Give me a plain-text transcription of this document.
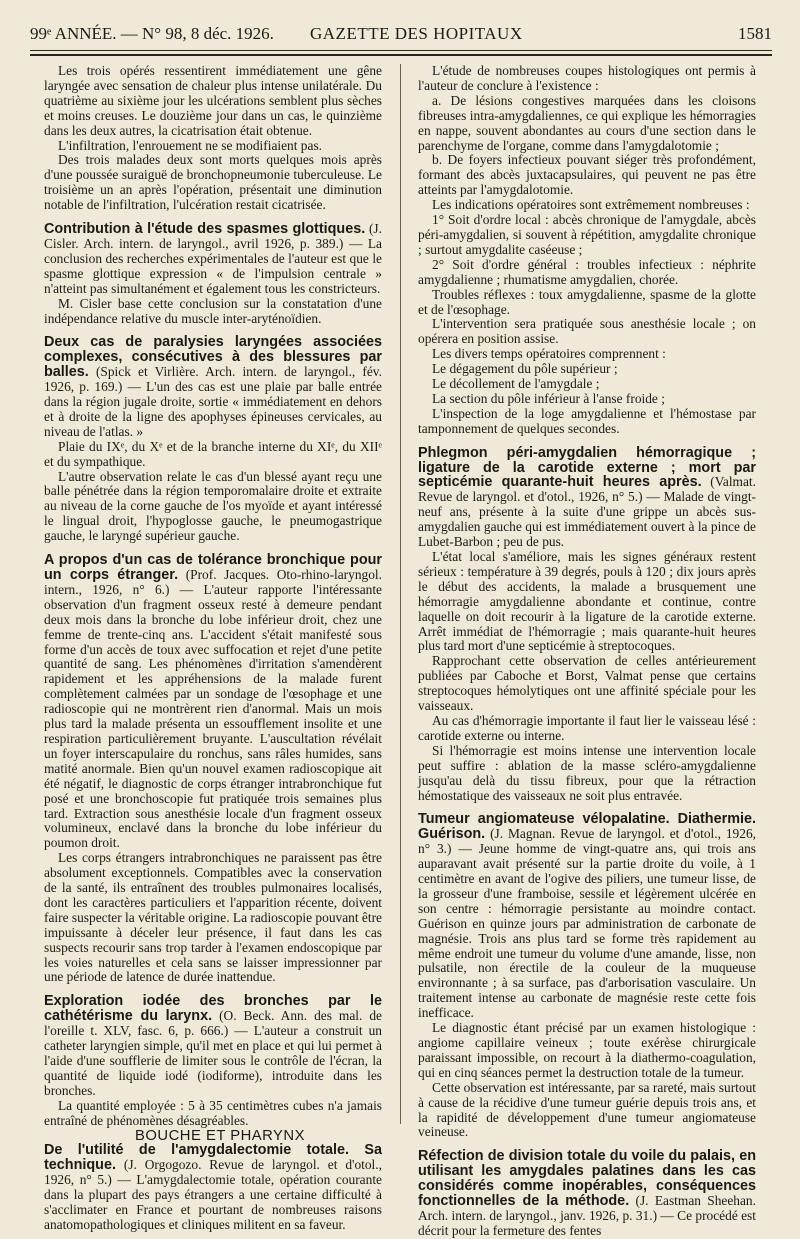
99ᵉ ANNÉE. — N° 98, 8 déc. 1926. GAZETTE DES HOPITAUX	1581

Les trois opérés ressentirent immédiatement une gêne laryngée avec sensation de chaleur plus intense unilatérale. Du quatrième au sixième jour les ulcérations semblent plus sèches et moins creuses. Le douzième jour dans un cas, le quinzième dans les deux autres, la cicatrisation était obtenue.

L'infiltration, l'enrouement ne se modifiaient pas.

Des trois malades deux sont morts quelques mois après d'une poussée suraiguë de bronchopneumonie tuberculeuse. Le troisième un an après l'opération, présentait une diminution notable de l'infiltration, l'ulcération restait cicatrisée.

Contribution à l'étude des spasmes glottiques. (J. Cisler. Arch. intern. de laryngol., avril 1926, p. 389.) — La conclusion des recherches expérimentales de l'auteur est que le spasme glottique expression « de l'impulsion centrale » n'atteint pas simultanément et également tous les constricteurs.

M. Cisler base cette conclusion sur la constatation d'une indépendance relative du muscle inter-aryténoïdien.

Deux cas de paralysies laryngées associées complexes, consécutives à des blessures par balles. (Spick et Virlière. Arch. intern. de laryngol., fév. 1926, p. 169.) — L'un des cas est une plaie par balle entrée dans la région jugale droite, sortie « immédiatement en dehors et à droite de la ligne des apophyses épineuses cervicales, au niveau de l'atlas. »

Plaie du IXᵉ, du Xᵉ et de la branche interne du XIᵉ, du XIIᵉ et du sympathique.

L'autre observation relate le cas d'un blessé ayant reçu une balle pénétrée dans la région temporomalaire droite et extraite au niveau de la corne gauche de l'os myoïde et ayant intéressé le lingual droit, l'hypoglosse gauche, le pneumogastrique gauche, le laryngé supérieur gauche.

A propos d'un cas de tolérance bronchique pour un corps étranger. (Prof. Jacques. Oto-rhino-laryngol. intern., 1926, n° 6.) — L'auteur rapporte l'intéressante observation d'un fragment osseux resté à demeure pendant deux mois dans la bronche du lobe inférieur droit, chez une femme de trente-cinq ans. L'accident s'était manifesté sous forme d'un accès de toux avec suffocation et rejet d'une petite quantité de sang. Les phénomènes d'irritation s'amendèrent rapidement et les appréhensions de la malade furent complètement calmées par un sondage de l'œsophage et une radioscopie qui ne montrèrent rien d'anormal. Mais un mois plus tard la malade présenta un essoufflement insolite et une respiration particulièrement bruyante. L'auscultation révélait un foyer interscapulaire du ronchus, sans râles humides, sans matité anormale. Bien qu'un nouvel examen radioscopique ait été négatif, le diagnostic de corps étranger intrabronchique fut posé et une bronchoscopie fut pratiquée trois semaines plus tard. Extraction sous anesthésie locale d'un fragment osseux volumineux, enclavé dans la bronche du lobe inférieur du poumon droit.

Les corps étrangers intrabronchiques ne paraissent pas être absolument exceptionnels. Compatibles avec la conservation de la santé, ils entraînent des troubles pulmonaires localisés, dont les caractères particuliers et l'apparition récente, doivent faire suspecter la véritable origine. La radioscopie pouvant être impuissante à déceler leur présence, il faut dans les cas suspects recourir sans trop tarder à l'examen endoscopique par les voies naturelles et cela sans se laisser impressionner par une période de latence de durée inattendue.

Exploration iodée des bronches par le cathétérisme du larynx. (O. Beck. Ann. des mal. de l'oreille t. XLV, fasc. 6, p. 666.) — L'auteur a construit un catheter laryngien simple, qu'il met en place et qui lui permet à l'aide d'une soufflerie de limiter sous le contrôle de l'écran, la quantité de liquide iodé (iodiforme), introduite dans les bronches.

La quantité employée : 5 à 35 centimètres cubes n'a jamais entraîné de phénomènes désagréables.

BOUCHE ET PHARYNX

De l'utilité de l'amygdalectomie totale. Sa technique. (J. Orgogozo. Revue de laryngol. et d'otol., 1926, n° 5.) — L'amygdalectomie totale, opération courante dans la plupart des pays étrangers a une certaine difficulté à s'acclimater en France et pourtant de nombreuses raisons anatomopathologiques et cliniques militent en sa faveur.

L'étude de nombreuses coupes histologiques ont permis à l'auteur de conclure à l'existence :

a. De lésions congestives marquées dans les cloisons fibreuses intra-amygdaliennes, ce qui explique les hémorragies en nappe, souvent abondantes au cours d'une section dans le parenchyme de l'organe, comme dans l'amygdalotomie ;

b. De foyers infectieux pouvant siéger très profondément, formant des abcès juxtacapsulaires, qui peuvent ne pas être atteints par l'amygdalotomie.

Les indications opératoires sont extrêmement nombreuses :

1° Soit d'ordre local : abcès chronique de l'amygdale, abcès péri-amygdalien, si souvent à répétition, amygdalite chronique ; surtout amygdalite caséeuse ;

2° Soit d'ordre général : troubles infectieux : néphrite amygdalienne ; rhumatisme amygdalien, chorée.

Troubles réflexes : toux amygdalienne, spasme de la glotte et de l'œsophage.

L'intervention sera pratiquée sous anesthésie locale ; on opérera en position assise.

Les divers temps opératoires comprennent :

Le dégagement du pôle supérieur ;

Le décollement de l'amygdale ;

La section du pôle inférieur à l'anse froide ;

L'inspection de la loge amygdalienne et l'hémostase par tamponnement de quelques secondes.

Phlegmon péri-amygdalien hémorragique ; ligature de la carotide externe ; mort par septicémie quarante-huit heures après. (Valmat. Revue de laryngol. et d'otol., 1926, n° 5.) — Malade de vingt-neuf ans, présente à la suite d'une grippe un abcès sus-amygdalien gauche qui est immédiatement ouvert à la pince de Lubet-Barbon ; peu de pus.

L'état local s'améliore, mais les signes généraux restent sérieux : température à 39 degrés, pouls à 120 ; dix jours après le début des accidents, la malade a brusquement une hémorragie amygdalienne abondante et continue, contre laquelle on doit recourir à la ligature de la carotide externe. Arrêt immédiat de l'hémorragie ; mais quarante-huit heures plus tard mort d'une septicémie à streptocoques.

Rapprochant cette observation de celles antérieurement publiées par Caboche et Borst, Valmat pense que certains streptocoques hémolytiques ont une affinité spéciale pour les vaisseaux.

Au cas d'hémorragie importante il faut lier le vaisseau lésé : carotide externe ou interne.

Si l'hémorragie est moins intense une intervention locale peut suffire : ablation de la masse scléro-amygdalienne jusqu'au delà du tissu fibreux, pour que la rétraction hémostatique des vaisseaux ne soit plus entravée.

Tumeur angiomateuse vélopalatine. Diathermie. Guérison. (J. Magnan. Revue de laryngol. et d'otol., 1926, n° 3.) — Jeune homme de vingt-quatre ans, qui trois ans auparavant avait présenté sur la partie droite du voile, à 1 centimètre en avant de l'ogive des piliers, une tumeur lisse, de la grosseur d'une framboise, sessile et légèrement ulcérée en son centre : hémorragie persistante au moindre contact. Guérison en quinze jours par administration de carbonate de magnésie. Trois ans plus tard se forme très rapidement au même endroit une tumeur du volume d'une amande, lisse, non pulsatile, non érectile de la couleur de la muqueuse environnante ; à sa surface, pas d'arborisation vasculaire. Un traitement intense au carbonate de magnésie reste cette fois inefficace.

Le diagnostic étant précisé par un examen histologique : angiome capillaire veineux ; toute exérèse chirurgicale paraissant impossible, on recourt à la diathermo-coagulation, qui en cinq séances permet la destruction totale de la tumeur.

Cette observation est intéressante, par sa rareté, mais surtout à cause de la récidive d'une tumeur guérie depuis trois ans, et la rapidité de développement d'une tumeur angiomateuse veineuse.

Réfection de division totale du voile du palais, en utilisant les amygdales palatines dans les cas considérés comme inopérables, conséquences fonctionnelles de la méthode. (J. Eastman Sheehan. Arch. intern. de laryngol., janv. 1926, p. 31.) — Ce procédé est décrit pour la fermeture des fentes
